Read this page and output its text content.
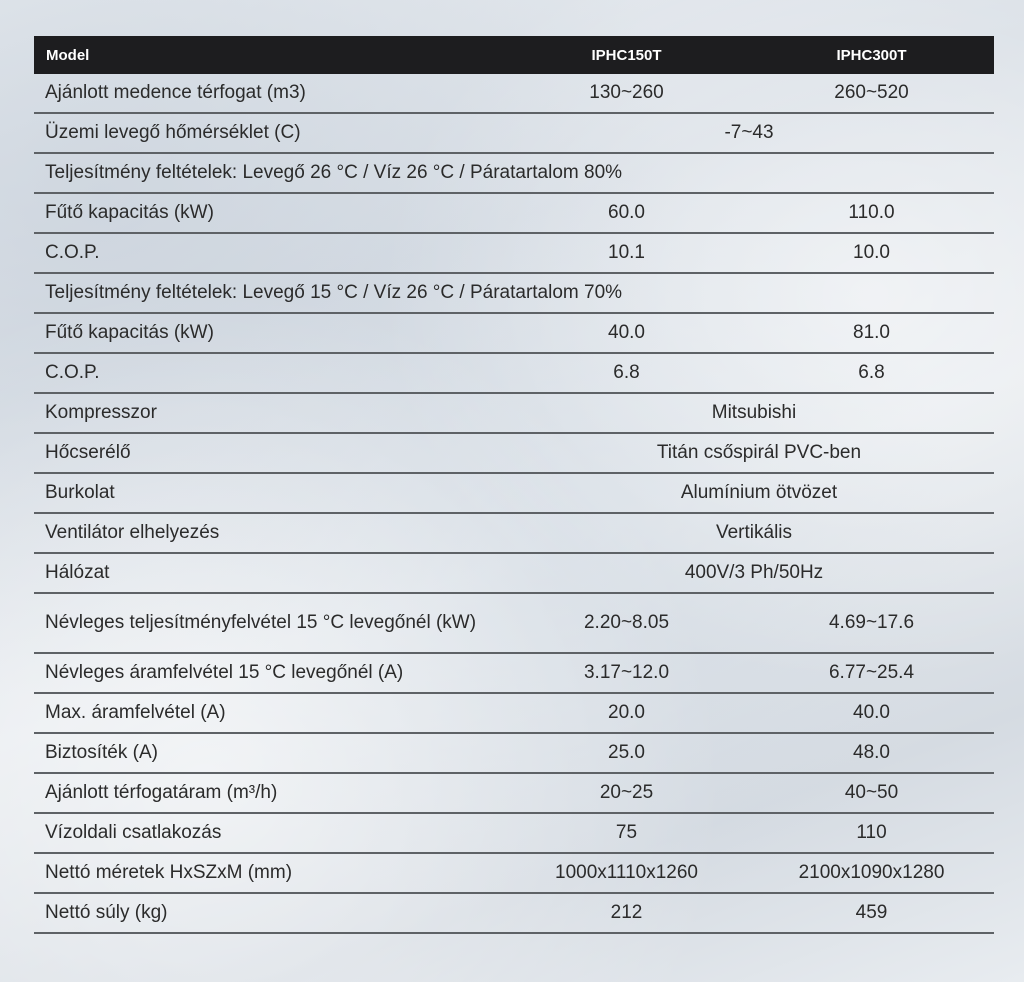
Model	IPHC150T	IPHC300T
Ajánlott medence térfogat (m3)	130~260	260~520
Üzemi levegő hőmérséklet (C)	-7~43
Teljesítmény feltételek: Levegő 26 °C / Víz 26 °C / Páratartalom 80%
Fűtő kapacitás (kW)	60.0	110.0
C.O.P.	10.1	10.0
Teljesítmény feltételek: Levegő 15 °C / Víz 26 °C / Páratartalom 70%
Fűtő kapacitás (kW)	40.0	81.0
C.O.P.	6.8	6.8
Kompresszor	Mitsubishi
Hőcserélő	Titán csőspirál PVC-ben
Burkolat	Alumínium ötvözet
Ventilátor elhelyezés	Vertikális
Hálózat	400V/3 Ph/50Hz
Névleges teljesítményfelvétel 15 °C levegőnél (kW)	2.20~8.05	4.69~17.6
Névleges áramfelvétel 15 °C levegőnél (A)	3.17~12.0	6.77~25.4
Max. áramfelvétel (A)	20.0	40.0
Biztosíték (A)	25.0	48.0
Ajánlott térfogatáram (m³/h)	20~25	40~50
Vízoldali csatlakozás	75	110
Nettó méretek HxSZxM (mm)	1000x1110x1260	2100x1090x1280
Nettó súly (kg)	212	459
